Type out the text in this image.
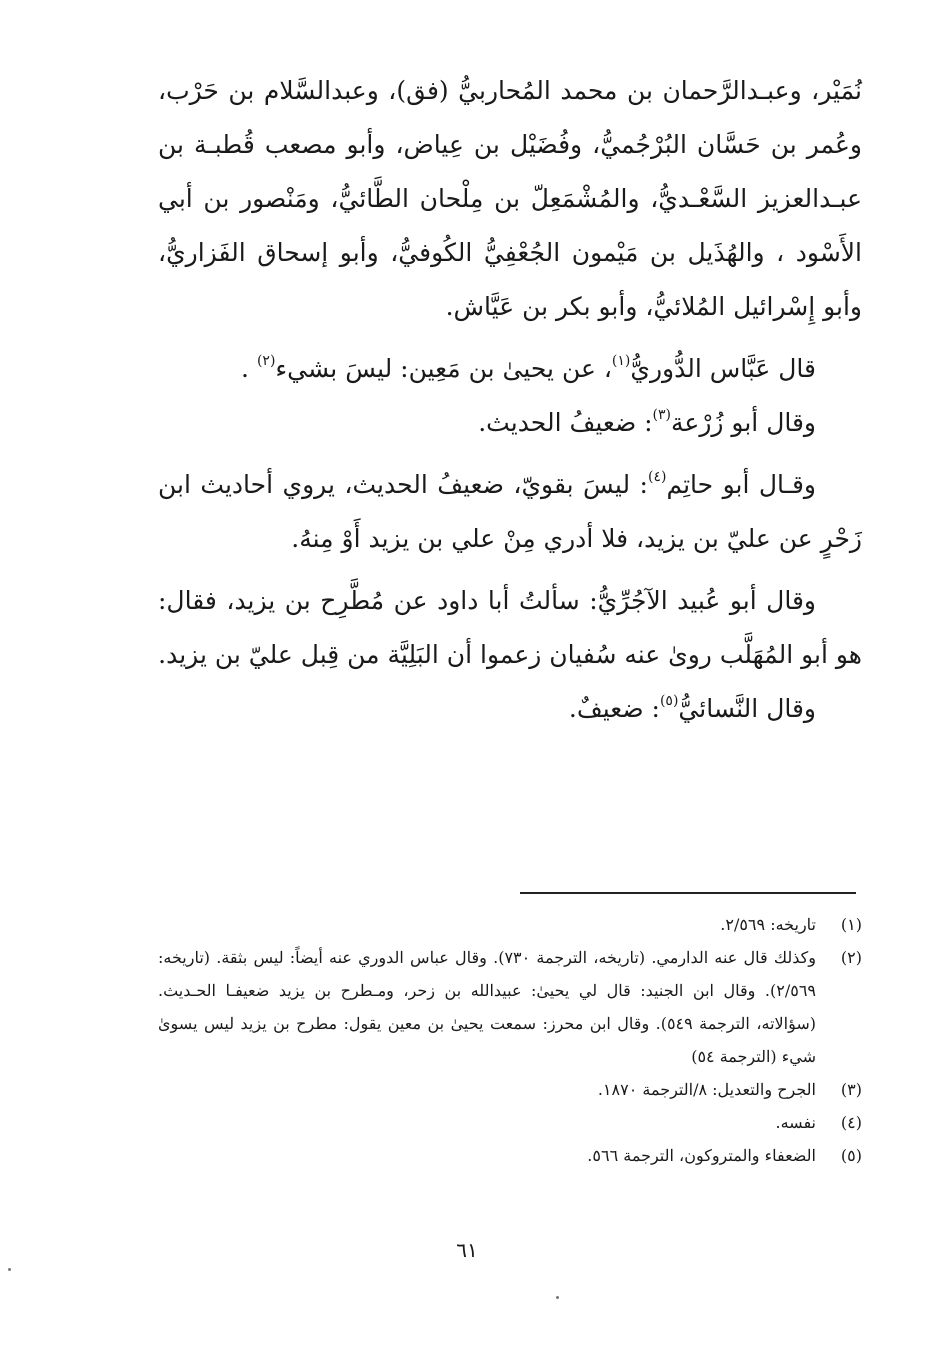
نُمَيْر، وعبـدالرَّحمان بن محمد المُحاربيُّ (فق)، وعبدالسَّلام بن حَرْب، وعُمر بن حَسَّان البُرْجُميُّ، وفُضَيْل بن عِياض، وأبو مصعب قُطبـة بن عبـدالعزيز السَّعْـديُّ، والمُشْمَعِلّ بن مِلْحان الطَّائيُّ، ومَنْصور بن أبي الأَسْود ، والهُذَيل بن مَيْمون الجُعْفِيُّ الكُوفيُّ، وأبو إسحاق الفَزاريُّ، وأبو إِسْرائيل المُلائيُّ، وأبو بكر بن عَيَّاش.

قال عَبَّاس الدُّوريُّ$^{(١)}$، عن يحيىٰ بن مَعِين: ليسَ بشيء$^{(٢)}$ .

وقال أبو زُرْعة$^{(٣)}$: ضعيفُ الحديث.

وقـال أبو حاتِم$^{(٤)}$: ليسَ بقويّ، ضعيفُ الحديث، يروي أحاديث ابن زَحْرٍ عن عليّ بن يزيد، فلا أدري مِنْ علي بن يزيد أَوْ مِنهُ.

وقال أبو عُبيد الآجُرِّيُّ: سألتُ أبا داود عن مُطَّرِح بن يزيد، فقال: هو أبو المُهَلَّب روىٰ عنه سُفيان زعموا أن البَلِيَّة من قِبل عليّ بن يزيد.

وقال النَّسائيُّ$^{(٥)}$: ضعيفٌ.

(١)
تاريخه: ٢/٥٦٩.
(٢)
وكذلك قال عنه الدارمي. (تاريخه، الترجمة ٧٣٠). وقال عباس الدوري عنه أيضاً: ليس بثقة. (تاريخه: ٢/٥٦٩). وقال ابن الجنيد: قال لي يحيىٰ: عبيدالله بن زحر، ومـطرح بن يزيد ضعيفـا الحـديث. (سؤالاته، الترجمة ٥٤٩). وقال ابن محرز: سمعت يحيىٰ بن معين يقول: مطرح بن يزيد ليس يسوىٰ شيء (الترجمة ٥٤)
(٣)
الجرح والتعديل: ٨/الترجمة ١٨٧٠.
(٤)
نفسه.
(٥)
الضعفاء والمتروكون، الترجمة ٥٦٦.
٦١
